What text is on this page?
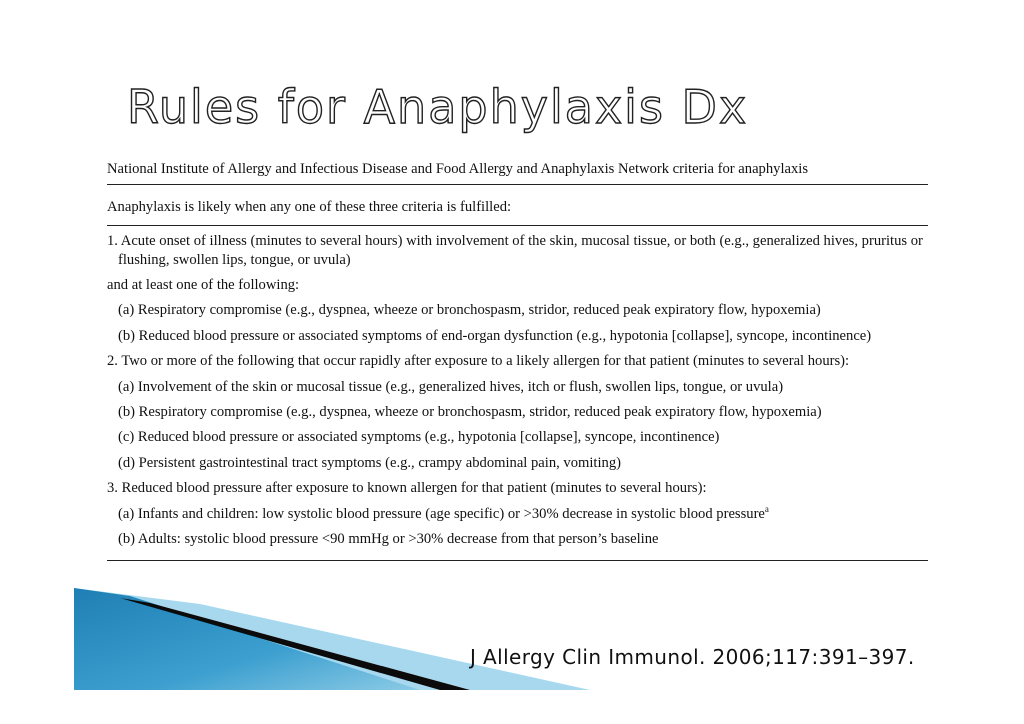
Rules for Anaphylaxis Dx
National Institute of Allergy and Infectious Disease and Food Allergy and Anaphylaxis Network criteria for anaphylaxis
Anaphylaxis is likely when any one of these three criteria is fulfilled:
1. Acute onset of illness (minutes to several hours) with involvement of the skin, mucosal tissue, or both (e.g., generalized hives, pruritus or
flushing, swollen lips, tongue, or uvula)
and at least one of the following:
(a) Respiratory compromise (e.g., dyspnea, wheeze or bronchospasm, stridor, reduced peak expiratory flow, hypoxemia)
(b) Reduced blood pressure or associated symptoms of end-organ dysfunction (e.g., hypotonia [collapse], syncope, incontinence)
2. Two or more of the following that occur rapidly after exposure to a likely allergen for that patient (minutes to several hours):
(a) Involvement of the skin or mucosal tissue (e.g., generalized hives, itch or flush, swollen lips, tongue, or uvula)
(b) Respiratory compromise (e.g., dyspnea, wheeze or bronchospasm, stridor, reduced peak expiratory flow, hypoxemia)
(c) Reduced blood pressure or associated symptoms (e.g., hypotonia [collapse], syncope, incontinence)
(d) Persistent gastrointestinal tract symptoms (e.g., crampy abdominal pain, vomiting)
3. Reduced blood pressure after exposure to known allergen for that patient (minutes to several hours):
(a) Infants and children: low systolic blood pressure (age specific) or >30% decrease in systolic blood pressure$^a$
(b) Adults: systolic blood pressure <90 mmHg or >30% decrease from that person’s baseline
J Allergy Clin Immunol. 2006;117:391–397.
